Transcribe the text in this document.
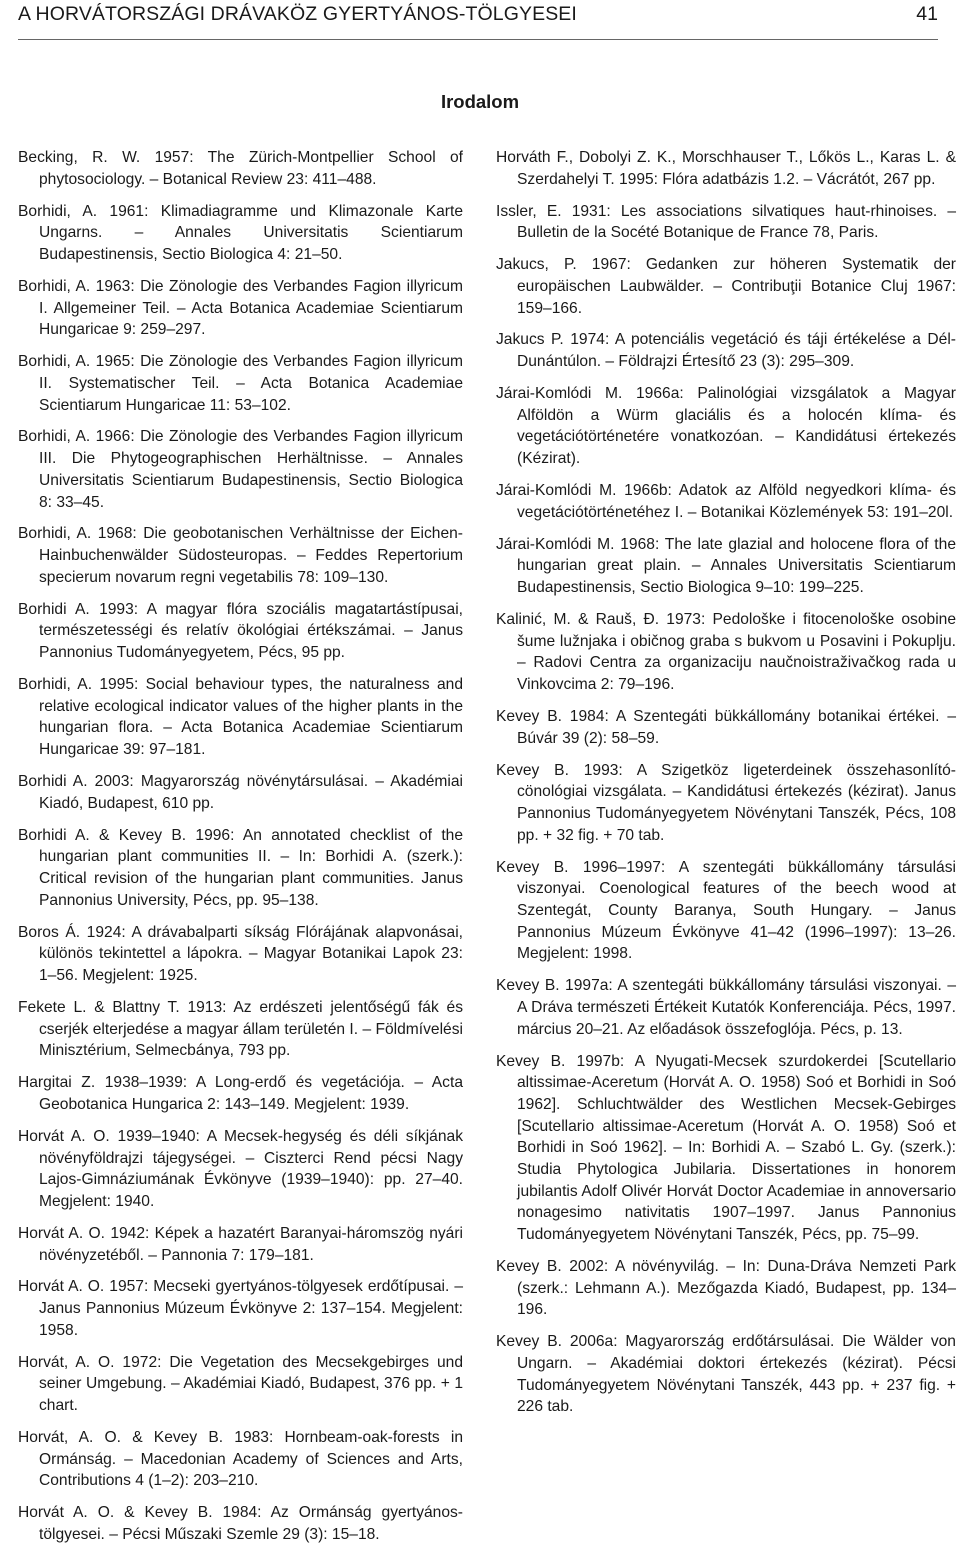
A HORVÁTORSZÁGI DRÁVAKÖZ GYERTYÁNOS-TÖLGYESEI	41
Irodalom
Becking, R. W. 1957: The Zürich-Montpellier School of phytosociology. – Botanical Review 23: 411–488.
Borhidi, A. 1961: Klimadiagramme und Klimazonale Karte Ungarns. – Annales Universitatis Scientiarum Budapestinensis, Sectio Biologica 4: 21–50.
Borhidi, A. 1963: Die Zönologie des Verbandes Fagion illyricum I. Allgemeiner Teil. – Acta Botanica Academiae Scientiarum Hungaricae 9: 259–297.
Borhidi, A. 1965: Die Zönologie des Verbandes Fagion illyricum II. Systematischer Teil. – Acta Botanica Academiae Scientiarum Hungaricae 11: 53–102.
Borhidi, A. 1966: Die Zönologie des Verbandes Fagion illyricum III. Die Phytogeographischen Herhältnisse. – Annales Universitatis Scientiarum Budapestinensis, Sectio Biologica 8: 33–45.
Borhidi, A. 1968: Die geobotanischen Verhältnisse der Eichen-Hainbuchenwälder Südosteuropas. – Feddes Repertorium specierum novarum regni vegetabilis 78: 109–130.
Borhidi A. 1993: A magyar flóra szociális magatartástípusai, természetességi és relatív ökológiai értékszámai. – Janus Pannonius Tudományegyetem, Pécs, 95 pp.
Borhidi, A. 1995: Social behaviour types, the naturalness and relative ecological indicator values of the higher plants in the hungarian flora. – Acta Botanica Academiae Scientiarum Hungaricae 39: 97–181.
Borhidi A. 2003: Magyarország növénytársulásai. – Akadémiai Kiadó, Budapest, 610 pp.
Borhidi A. & Kevey B. 1996: An annotated checklist of the hungarian plant communities II. – In: Borhidi A. (szerk.): Critical revision of the hungarian plant communities. Janus Pannonius University, Pécs, pp. 95–138.
Boros Á. 1924: A drávabalparti síkság Flórájának alapvonásai, különös tekintettel a lápokra. – Magyar Botanikai Lapok 23: 1–56. Megjelent: 1925.
Fekete L. & Blattny T. 1913: Az erdészeti jelentőségű fák és cserjék elterjedése a magyar állam területén I. – Földmívelési Minisztérium, Selmecbánya, 793 pp.
Hargitai Z. 1938–1939: A Long-erdő és vegetációja. – Acta Geobotanica Hungarica 2: 143–149. Megjelent: 1939.
Horvát A. O. 1939–1940: A Mecsek-hegység és déli síkjának növényföldrajzi tájegységei. – Ciszterci Rend pécsi Nagy Lajos-Gimnáziumának Évkönyve (1939–1940): pp. 27–40. Megjelent: 1940.
Horvát A. O. 1942: Képek a hazatért Baranyai-háromszög nyári növényzetéből. – Pannonia 7: 179–181.
Horvát A. O. 1957: Mecseki gyertyános-tölgyesek erdőtípusai. – Janus Pannonius Múzeum Évkönyve 2: 137–154. Megjelent: 1958.
Horvát, A. O. 1972: Die Vegetation des Mecsekgebirges und seiner Umgebung. – Akadémiai Kiadó, Budapest, 376 pp. + 1 chart.
Horvát, A. O. & Kevey B. 1983: Hornbeam-oak-forests in Ormánság. – Macedonian Academy of Sciences and Arts, Contributions 4 (1–2): 203–210.
Horvát A. O. & Kevey B. 1984: Az Ormánság gyertyános-tölgyesei. – Pécsi Műszaki Szemle 29 (3): 15–18.
Horváth F., Dobolyi Z. K., Morschhauser T., Lőkös L., Karas L. & Szerdahelyi T. 1995: Flóra adatbázis 1.2. – Vácrátót, 267 pp.
Issler, E. 1931: Les associations silvatiques haut-rhinoises. – Bulletin de la Socété Botanique de France 78, Paris.
Jakucs, P. 1967: Gedanken zur höheren Systematik der europäischen Laubwälder. – Contribuţii Botanice Cluj 1967: 159–166.
Jakucs P. 1974: A potenciális vegetáció és táji értékelése a Dél-Dunántúlon. – Földrajzi Értesítő 23 (3): 295–309.
Járai-Komlódi M. 1966a: Palinológiai vizsgálatok a Magyar Alföldön a Würm glaciális és a holocén klíma- és vegetációtörténetére vonatkozóan. – Kandidátusi értekezés (Kézirat).
Járai-Komlódi M. 1966b: Adatok az Alföld negyedkori klíma- és vegetációtörténetéhez I. – Botanikai Közlemények 53: 191–20l.
Járai-Komlódi M. 1968: The late glazial and holocene flora of the hungarian great plain. – Annales Universitatis Scientiarum Budapestinensis, Sectio Biologica 9–10: 199–225.
Kalinić, M. & Rauš, Đ. 1973: Pedološke i fitocenološke osobine šume lužnjaka i običnog graba s bukvom u Posavini i Pokuplju. – Radovi Centra za organizaciju naučnoistraživačkog rada u Vinkovcima 2: 79–196.
Kevey B. 1984: A Szentegáti bükkállomány botanikai értékei. – Búvár 39 (2): 58–59.
Kevey B. 1993: A Szigetköz ligeterdeinek összehasonlító-cönológiai vizsgálata. – Kandidátusi értekezés (kézirat). Janus Pannonius Tudományegyetem Növénytani Tanszék, Pécs, 108 pp. + 32 fig. + 70 tab.
Kevey B. 1996–1997: A szentegáti bükkállomány társulási viszonyai. Coenological features of the beech wood at Szentegát, County Baranya, South Hungary. – Janus Pannonius Múzeum Évkönyve 41–42 (1996–1997): 13–26. Megjelent: 1998.
Kevey B. 1997a: A szentegáti bükkállomány társulási viszonyai. – A Dráva természeti Értékeit Kutatók Konferenciája. Pécs, 1997. március 20–21. Az előadások összefoglója. Pécs, p. 13.
Kevey B. 1997b: A Nyugati-Mecsek szurdokerdei [Scutellario altissimae-Aceretum (Horvát A. O. 1958) Soó et Borhidi in Soó 1962]. Schluchtwälder des Westlichen Mecsek-Gebirges [Scutellario altissimae-Aceretum (Horvát A. O. 1958) Soó et Borhidi in Soó 1962]. – In: Borhidi A. – Szabó L. Gy. (szerk.): Studia Phytologica Jubilaria. Dissertationes in honorem jubilantis Adolf Olivér Horvát Doctor Academiae in annoversario nonagesimo nativitatis 1907–1997. Janus Pannonius Tudományegyetem Növénytani Tanszék, Pécs, pp. 75–99.
Kevey B. 2002: A növényvilág. – In: Duna-Dráva Nemzeti Park (szerk.: Lehmann A.). Mezőgazda Kiadó, Budapest, pp. 134–196.
Kevey B. 2006a: Magyarország erdőtársulásai. Die Wälder von Ungarn. – Akadémiai doktori értekezés (kézirat). Pécsi Tudományegyetem Növénytani Tanszék, 443 pp. + 237 fig. + 226 tab.
